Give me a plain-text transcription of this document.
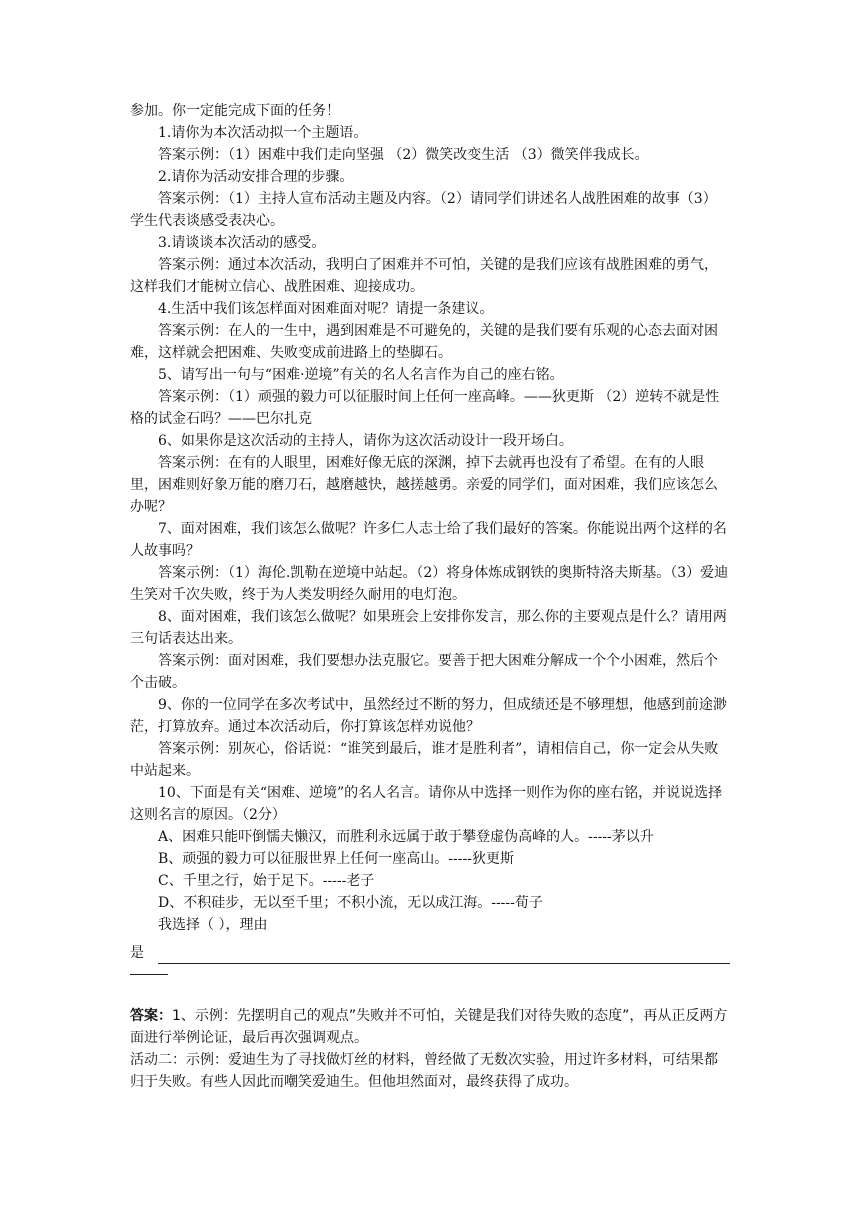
参加。你一定能完成下面的任务！

1.请你为本次活动拟一个主题语。

答案示例：（1）困难中我们走向坚强 （2）微笑改变生活 （3）微笑伴我成长。

2.请你为活动安排合理的步骤。

答案示例：（1）主持人宣布活动主题及内容。（2）请同学们讲述名人战胜困难的故事（3）学生代表谈感受表决心。

3.请谈谈本次活动的感受。

答案示例：通过本次活动，我明白了困难并不可怕，关键的是我们应该有战胜困难的勇气，这样我们才能树立信心、战胜困难、迎接成功。

4.生活中我们该怎样面对困难面对呢？请提一条建议。

答案示例：在人的一生中，遇到困难是不可避免的，关键的是我们要有乐观的心态去面对困难，这样就会把困难、失败变成前进路上的垫脚石。

5、请写出一句与“困难·逆境”有关的名人名言作为自己的座右铭。

答案示例：（1）顽强的毅力可以征服时间上任何一座高峰。——狄更斯 （2）逆转不就是性格的试金石吗？——巴尔扎克

6、如果你是这次活动的主持人，请你为这次活动设计一段开场白。

答案示例：在有的人眼里，困难好像无底的深渊，掉下去就再也没有了希望。在有的人眼里，困难则好象万能的磨刀石，越磨越快，越搓越勇。亲爱的同学们，面对困难，我们应该怎么办呢？

7、面对困难，我们该怎么做呢？许多仁人志士给了我们最好的答案。你能说出两个这样的名人故事吗？

答案示例：（1）海伦.凯勒在逆境中站起。（2）将身体炼成钢铁的奥斯特洛夫斯基。（3）爱迪生笑对千次失败，终于为人类发明经久耐用的电灯泡。

8、面对困难，我们该怎么做呢？如果班会上安排你发言，那么你的主要观点是什么？请用两三句话表达出来。

答案示例：面对困难，我们要想办法克服它。要善于把大困难分解成一个个小困难，然后个个击破。

9、你的一位同学在多次考试中，虽然经过不断的努力，但成绩还是不够理想，他感到前途渺茫，打算放弃。通过本次活动后，你打算该怎样劝说他？

答案示例：别灰心，俗话说：“谁笑到最后，谁才是胜利者”，请相信自己，你一定会从失败中站起来。

10、下面是有关“困难、逆境”的名人名言。请你从中选择一则作为你的座右铭，并说说选择这则名言的原因。（2分）

A、困难只能吓倒懦夫懒汉，而胜利永远属于敢于攀登虚伪高峰的人。-----茅以升

B、顽强的毅力可以征服世界上任何一座高山。-----狄更斯

C、千里之行，始于足下。-----老子

D、不积硅步，无以至千里；不积小流，无以成江海。-----荀子

我选择（ ），理由

是

答案：1、示例：先摆明自己的观点”失败并不可怕，关键是我们对待失败的态度”，再从正反两方面进行举例论证，最后再次强调观点。

活动二：示例：爱迪生为了寻找做灯丝的材料，曾经做了无数次实验，用过许多材料，可结果都归于失败。有些人因此而嘲笑爱迪生。但他坦然面对，最终获得了成功。
